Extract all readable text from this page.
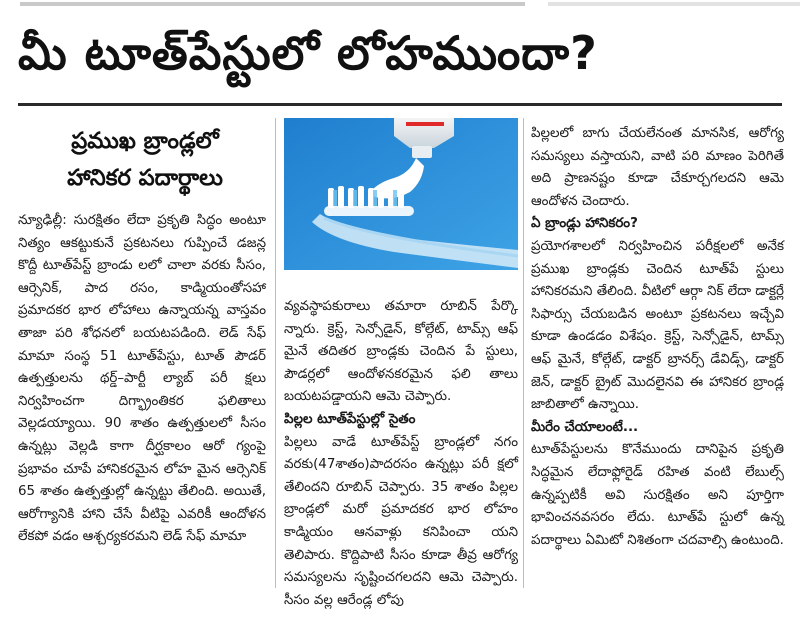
మీ టూత్‌పేస్టులో లోహముందా?
ప్రముఖ బ్రాండ్లలో
హానికర పదార్థాలు

న్యూఢిల్లీ: సురక్షితం లేదా ప్రకృతి సిద్ధం అంటూ నిత్యం ఆకట్టుకునే ప్రకటనలు గుప్పించే డజన్ల కొద్దీ టూత్‌పేస్ట్ బ్రాండు లలో చాలా వరకు సీసం, ఆర్సెనిక్, పాద రసం, కాడ్మియంతోసహా ప్రమాదకర భార లోహాలు ఉన్నాయన్న వాస్తవం తాజా పరి శోధనలో బయటపడింది. లెడ్ సేఫ్ మామా సంస్థ 51 టూత్‌పేస్టు, టూత్ పౌడర్ ఉత్పత్తులను థర్డ్–పార్టీ ల్యాబ్ పరీ క్షలు నిర్వహించగా దిగ్భ్రాంతికర ఫలితాలు వెల్లడయ్యాయి. 90 శాతం ఉత్పత్తులలో సీసం ఉన్నట్లు వెల్లడి కాగా దీర్ఘకాలం ఆరో గ్యంపై ప్రభావం చూపే హానికరమైన లోహ మైన ఆర్సెనిక్ 65 శాతం ఉత్పత్తుల్లో ఉన్నట్టు తేలింది. అయితే, ఆరోగ్యానికి హాని చేసే వీటిపై ఎవరికీ ఆందోళన లేకపో వడం ఆశ్చర్యకరమని లెడ్ సేఫ్ మామా

వ్యవస్థాపకురాలు తమారా రూబిన్ పేర్కొ న్నారు. క్రెస్ట్, సెన్సోడైన్, కోల్గేట్, టామ్స్ ఆఫ్ మైనే తదితర బ్రాండ్లకు చెందిన పే స్టులు, పౌడర్లలో ఆందోళనకరమైన ఫలి తాలు బయటపడ్డాయని ఆమె చెప్పారు.

పిల్లల టూత్‌పేస్టుల్లో సైతం

పిల్లలు వాడే టూత్‌పేస్ట్ బ్రాండ్లలో నగం వరకు(47శాతం)పాదరసం ఉన్నట్లు పరీ క్షలో తేలిందని రూబిన్ చెప్పారు. 35 శాతం పిల్లల బ్రాండ్లలో మరో ప్రమాదకర భార లోహం కాడ్మియం ఆనవాళ్లు కనిపించా యని తెలిపారు. కొద్దిపాటి సీసం కూడా తీవ్ర ఆరోగ్య సమస్యలను సృష్టించగలదని ఆమె చెప్పారు. సీసం వల్ల ఆరేండ్ల లోపు

పిల్లలలో బాగు చేయలేనంత మానసిక, ఆరోగ్య సమస్యలు వస్తాయని, వాటి పరి మాణం పెరిగితే అది ప్రాణనష్టం కూడా చేకూర్చగలదని ఆమె ఆందోళన చెందారు.

ఏ బ్రాండ్లు హానికరం?

ప్రయోగశాలలో నిర్వహించిన పరీక్షలలో అనేక ప్రముఖ బ్రాండ్లకు చెందిన టూత్‌పే స్టులు హానికరమని తేలింది. వీటిలో ఆర్గా నిక్ లేదా డాక్టర్లే సిఫార్సు చేయబడిన అంటూ ప్రకటనలు ఇచ్చేవి కూడా ఉండడం విశేషం. క్రెస్ట్, సెన్సోడైన్, టామ్స్ ఆఫ్ మైనే, కోల్గేట్, డాక్టర్ బ్రానర్స్ డేవిడ్స్, డాక్టర్ జెన్, డాక్టర్ బ్రైట్ మొదలైనవి ఈ హానికర బ్రాండ్ల జాబితాలో ఉన్నాయి.

మీరేం చేయాలంటే...

టూత్‌పేస్టులను కొనేముందు దానిపైన ప్రకృతి సిద్ధమైన లేదాఫ్లోరైడ్ రహిత వంటి లేబుల్స్ ఉన్నప్పటికీ అవి సురక్షితం అని పూర్తిగా భావించనవసరం లేదు. టూత్‌పే స్టులో ఉన్న పదార్థాలు ఏమిటో నిశితంగా చదవాల్సి ఉంటుంది.
